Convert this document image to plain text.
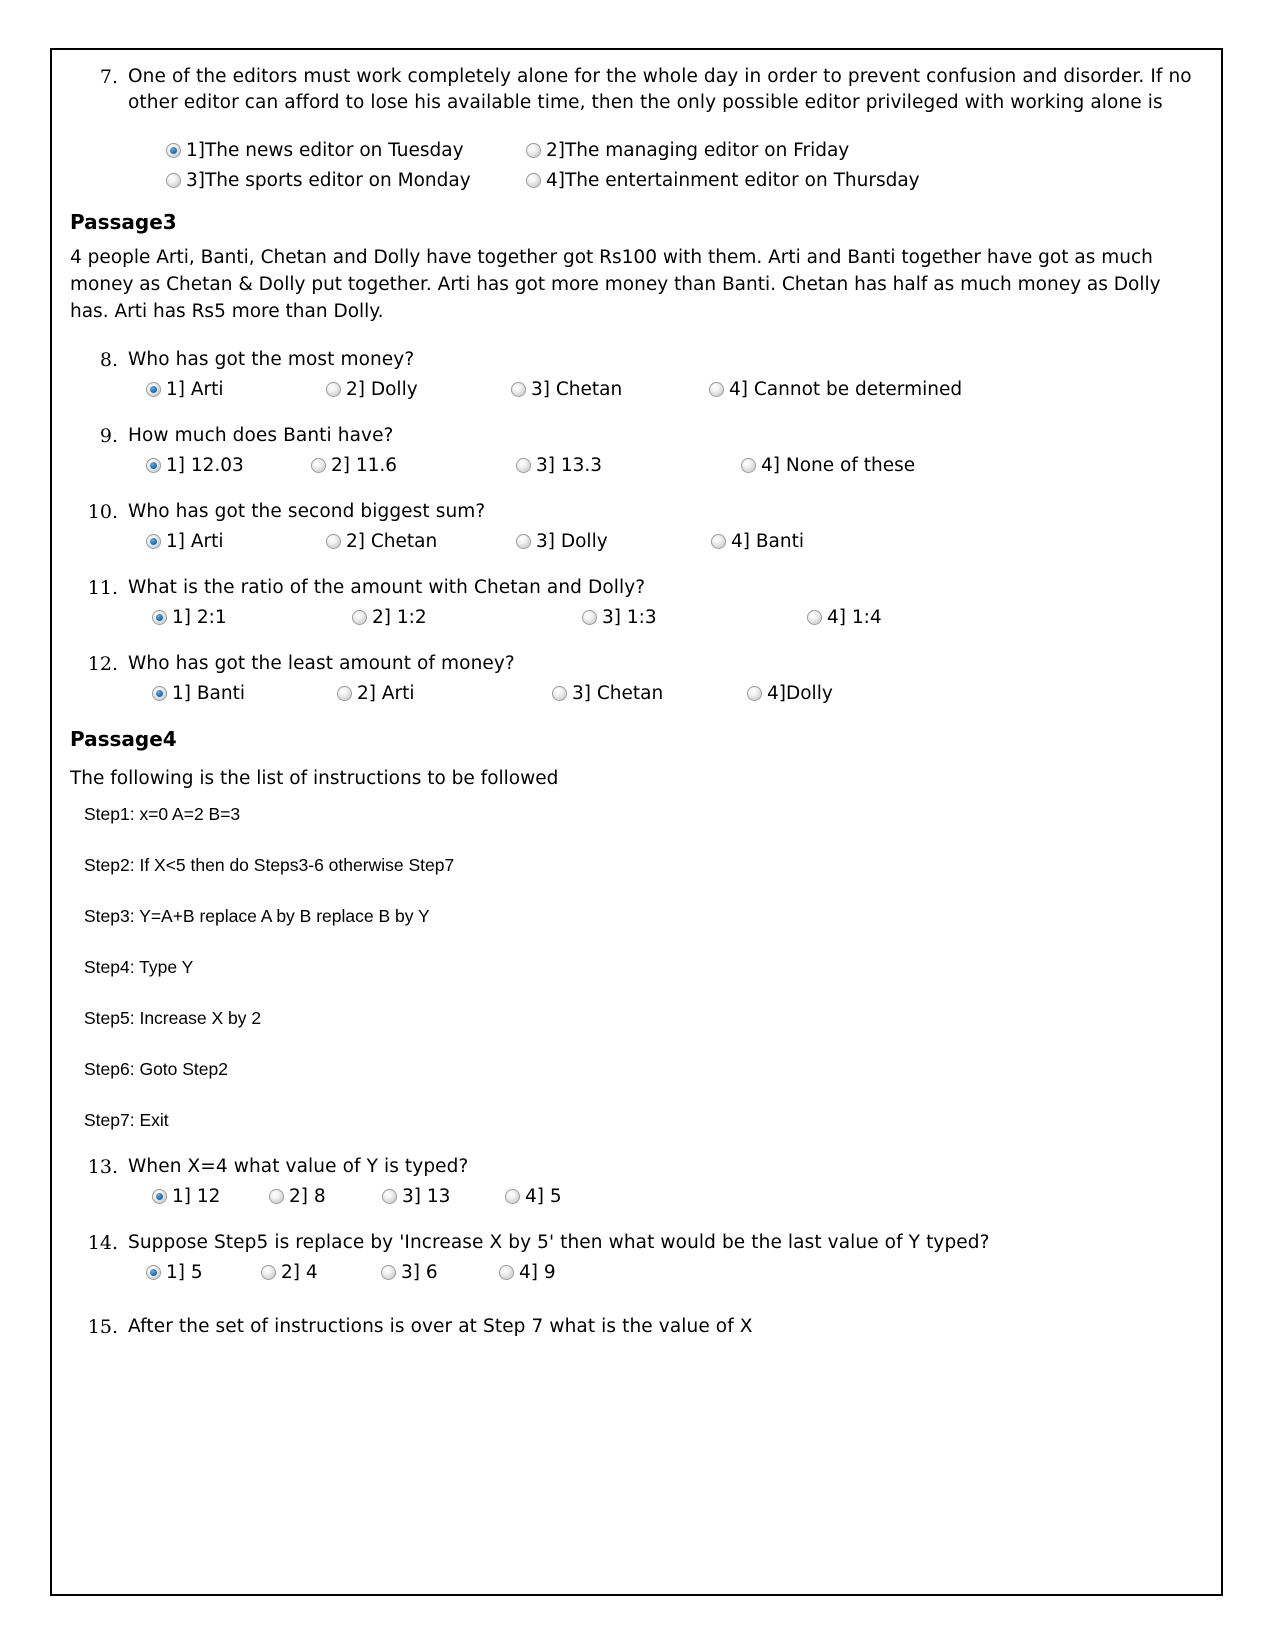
7. One of the editors must work completely alone for the whole day in order to prevent confusion and disorder. If no other editor can afford to lose his available time, then the only possible editor privileged with working alone is
1]The news editor on Tuesday	2]The managing editor on Friday
3]The sports editor on Monday	4]The entertainment editor on Thursday
Passage3
4 people Arti, Banti, Chetan and Dolly have together got Rs100 with them. Arti and Banti together have got as much money as Chetan & Dolly put together. Arti has got more money than Banti. Chetan has half as much money as Dolly has. Arti has Rs5 more than Dolly.
8. Who has got the most money?
1] Arti	2] Dolly	3] Chetan	4] Cannot be determined
9. How much does Banti have?
1] 12.03	2] 11.6	3] 13.3	4] None of these
10. Who has got the second biggest sum?
1] Arti	2] Chetan	3] Dolly	4] Banti
11. What is the ratio of the amount with Chetan and Dolly?
1] 2:1	2] 1:2	3] 1:3	4] 1:4
12. Who has got the least amount of money?
1] Banti	2] Arti	3] Chetan	4]Dolly
Passage4
The following is the list of instructions to be followed
Step1: x=0 A=2 B=3
Step2: If X<5 then do Steps3-6 otherwise Step7
Step3: Y=A+B replace A by B replace B by Y
Step4: Type Y
Step5: Increase X by 2
Step6: Goto Step2
Step7: Exit
13. When X=4 what value of Y is typed?
1] 12	2] 8	3] 13	4] 5
14. Suppose Step5 is replace by 'Increase X by 5' then what would be the last value of Y typed?
1] 5	2] 4	3] 6	4] 9
15. After the set of instructions is over at Step 7 what is the value of X
